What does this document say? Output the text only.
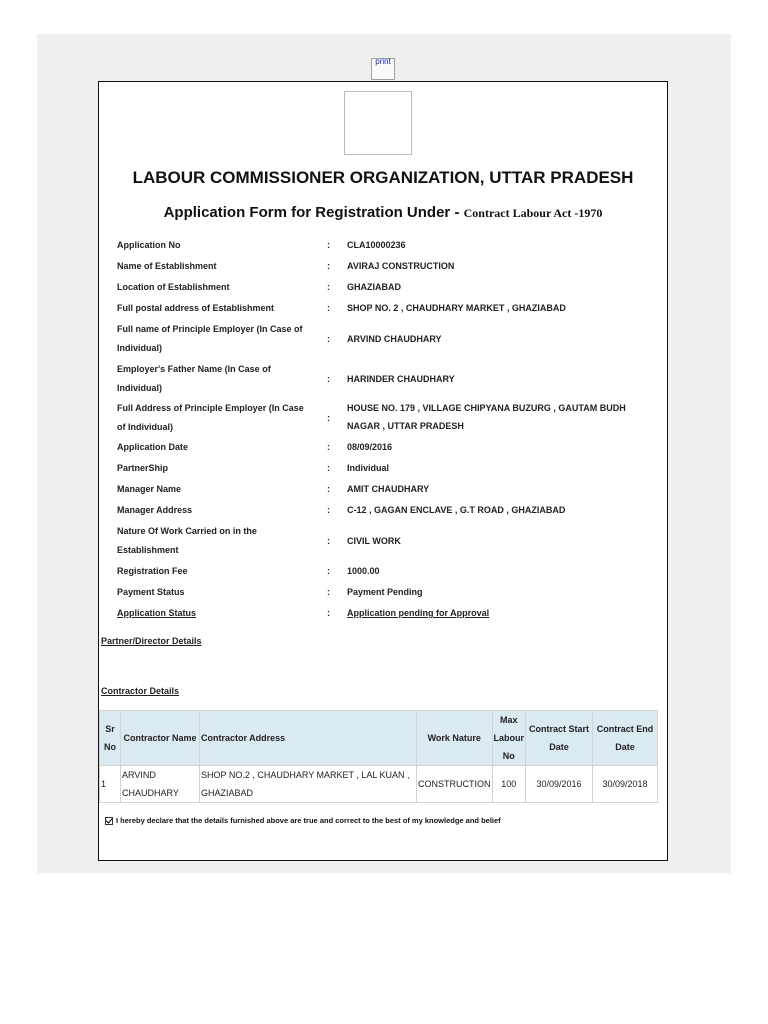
print
LABOUR COMMISSIONER ORGANIZATION, UTTAR PRADESH
Application Form for Registration Under - Contract Labour Act -1970
Application No	: CLA10000236
Name of Establishment	: AVIRAJ CONSTRUCTION
Location of Establishment	: GHAZIABAD
Full postal address of Establishment	: SHOP NO. 2 , CHAUDHARY MARKET , GHAZIABAD
Full name of Principle Employer (In Case of Individual)
: ARVIND CHAUDHARY
Employer's Father Name (In Case of Individual)
: HARINDER CHAUDHARY
Full Address of Principle Employer (In Case of Individual)
:
HOUSE NO. 179 , VILLAGE CHIPYANA BUZURG , GAUTAM BUDH NAGAR , UTTAR PRADESH
Application Date	: 08/09/2016
PartnerShip	: Individual
Manager Name	: AMIT CHAUDHARY
Manager Address	: C-12 , GAGAN ENCLAVE , G.T ROAD , GHAZIABAD
Nature Of Work Carried on in the Establishment
: CIVIL WORK
Registration Fee	: 1000.00
Payment Status	: Payment Pending
Application Status	: Application pending for Approval
Partner/Director Details
Contractor Details
Sr No	Contractor Name	Contractor Address	Work Nature	Max Labour No	Contract Start Date	Contract End Date
1	ARVIND CHAUDHARY	SHOP NO.2 , CHAUDHARY MARKET , LAL KUAN , GHAZIABAD	CONSTRUCTION	100	30/09/2016	30/09/2018
I hereby declare that the details furnished above are true and correct to the best of my knowledge and belief
